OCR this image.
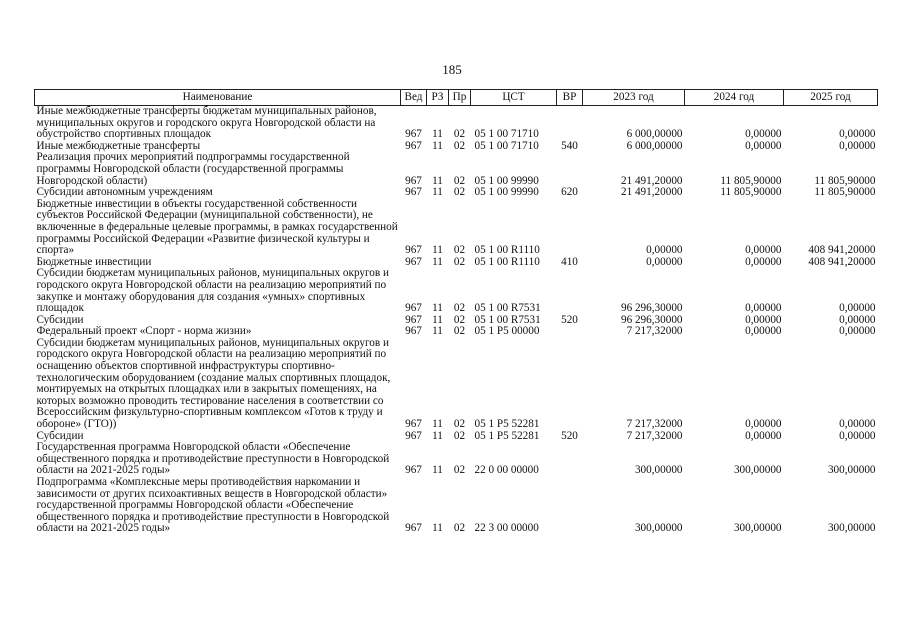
185
Наименование	Вед	РЗ	Пр	ЦСТ	ВР	2023 год	2024 год	2025 год
Иные межбюджетные трансферты бюджетам муниципальных районов, муниципальных округов и городского округа Новгородской области на обустройство спортивных площадок	967	11	02	05 1 00 71710		6 000,00000	0,00000	0,00000
Иные межбюджетные трансферты	967	11	02	05 1 00 71710	540	6 000,00000	0,00000	0,00000
Реализация прочих мероприятий подпрограммы государственной программы Новгородской области (государственной программы Новгородской области)	967	11	02	05 1 00 99990		21 491,20000	11 805,90000	11 805,90000
Субсидии автономным учреждениям	967	11	02	05 1 00 99990	620	21 491,20000	11 805,90000	11 805,90000
Бюджетные инвестиции в объекты государственной собственности субъектов Российской Федерации (муниципальной собственности), не включенные в федеральные целевые программы, в рамках государственной программы Российской Федерации «Развитие физической культуры и спорта»	967	11	02	05 1 00 R1110		0,00000	0,00000	408 941,20000
Бюджетные инвестиции	967	11	02	05 1 00 R1110	410	0,00000	0,00000	408 941,20000
Субсидии бюджетам муниципальных районов, муниципальных округов и городского округа Новгородской области на реализацию мероприятий по закупке и монтажу оборудования для создания «умных» спортивных площадок	967	11	02	05 1 00 R7531		96 296,30000	0,00000	0,00000
Субсидии	967	11	02	05 1 00 R7531	520	96 296,30000	0,00000	0,00000
Федеральный проект «Спорт - норма жизни»	967	11	02	05 1 P5 00000		7 217,32000	0,00000	0,00000
Субсидии бюджетам муниципальных районов, муниципальных округов и городского округа Новгородской области на реализацию мероприятий по оснащению объектов спортивной инфраструктуры спортивно-технологическим оборудованием (создание малых спортивных площадок, монтируемых на открытых площадках или в закрытых помещениях, на которых возможно проводить тестирование населения в соответствии со Всероссийским физкультурно-спортивным комплексом «Готов к труду и обороне» (ГТО))	967	11	02	05 1 P5 52281		7 217,32000	0,00000	0,00000
Субсидии	967	11	02	05 1 P5 52281	520	7 217,32000	0,00000	0,00000
Государственная программа Новгородской области «Обеспечение общественного порядка и противодействие преступности в Новгородской области на 2021-2025 годы»	967	11	02	22 0 00 00000		300,00000	300,00000	300,00000
Подпрограмма «Комплексные меры противодействия наркомании и зависимости от других психоактивных веществ в Новгородской области» государственной программы Новгородской области «Обеспечение общественного порядка и противодействие преступности в Новгородской области на 2021-2025 годы»	967	11	02	22 3 00 00000		300,00000	300,00000	300,00000
